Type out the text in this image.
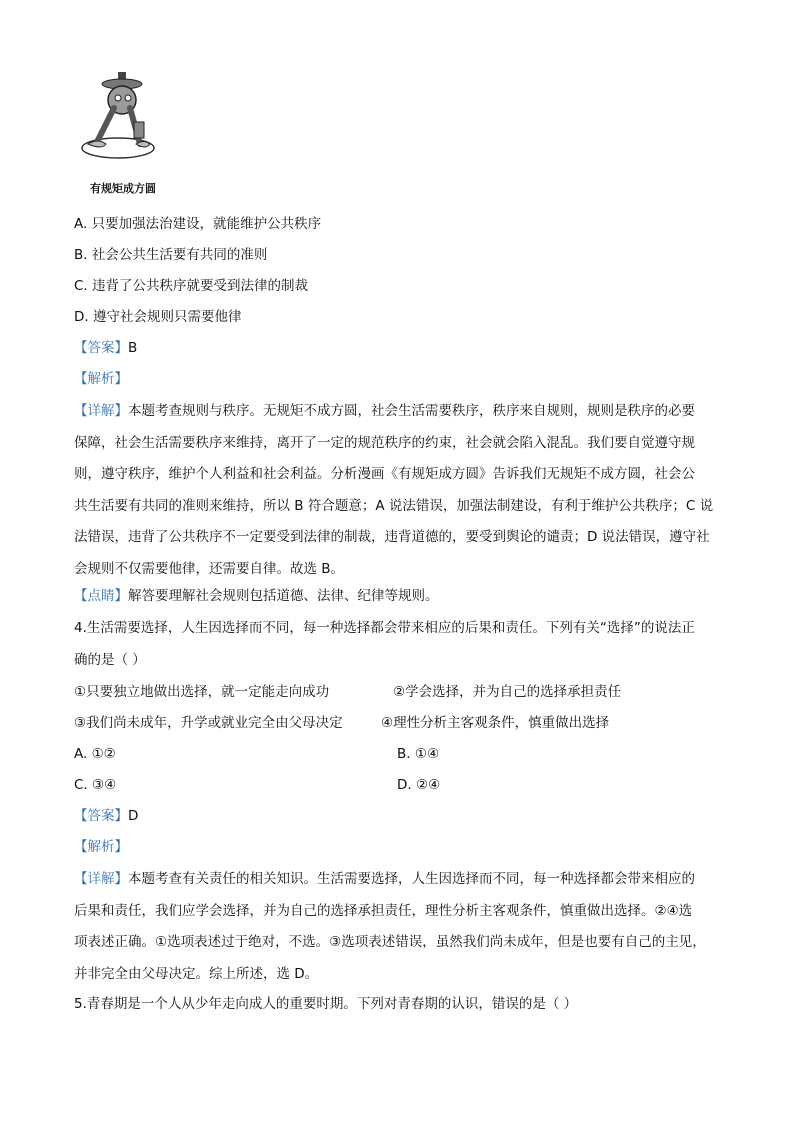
有规矩成方圆
A. 只要加强法治建设，就能维护公共秩序
B. 社会公共生活要有共同的准则
C. 违背了公共秩序就要受到法律的制裁
D. 遵守社会规则只需要他律
【答案】B
【解析】
【详解】本题考查规则与秩序。无规矩不成方圆，社会生活需要秩序，秩序来自规则，规则是秩序的必要
保障，社会生活需要秩序来维持，离开了一定的规范秩序的约束，社会就会陷入混乱。我们要自觉遵守规
则，遵守秩序，维护个人利益和社会利益。分析漫画《有规矩成方圆》告诉我们无规矩不成方圆，社会公
共生活要有共同的准则来维持，所以 B 符合题意；A 说法错误，加强法制建设，有利于维护公共秩序；C 说
法错误，违背了公共秩序不一定要受到法律的制裁，违背道德的，要受到舆论的谴责；D 说法错误，遵守社
会规则不仅需要他律，还需要自律。故选 B。
【点睛】解答要理解社会规则包括道德、法律、纪律等规则。
4.生活需要选择，人生因选择而不同，每一种选择都会带来相应的后果和责任。下列有关“选择”的说法正
确的是（ ）
①只要独立地做出选择，就一定能走向成功	②学会选择，并为自己的选择承担责任
③我们尚未成年，升学或就业完全由父母决定	④理性分析主客观条件，慎重做出选择
A. ①②	B. ①④
C. ③④	D. ②④
【答案】D
【解析】
【详解】本题考查有关责任的相关知识。生活需要选择，人生因选择而不同，每一种选择都会带来相应的
后果和责任，我们应学会选择，并为自己的选择承担责任，理性分析主客观条件，慎重做出选择。②④选
项表述正确。①选项表述过于绝对，不选。③选项表述错误，虽然我们尚未成年，但是也要有自己的主见，
并非完全由父母决定。综上所述，选 D。
5.青春期是一个人从少年走向成人的重要时期。下列对青春期的认识，错误的是（ ）
